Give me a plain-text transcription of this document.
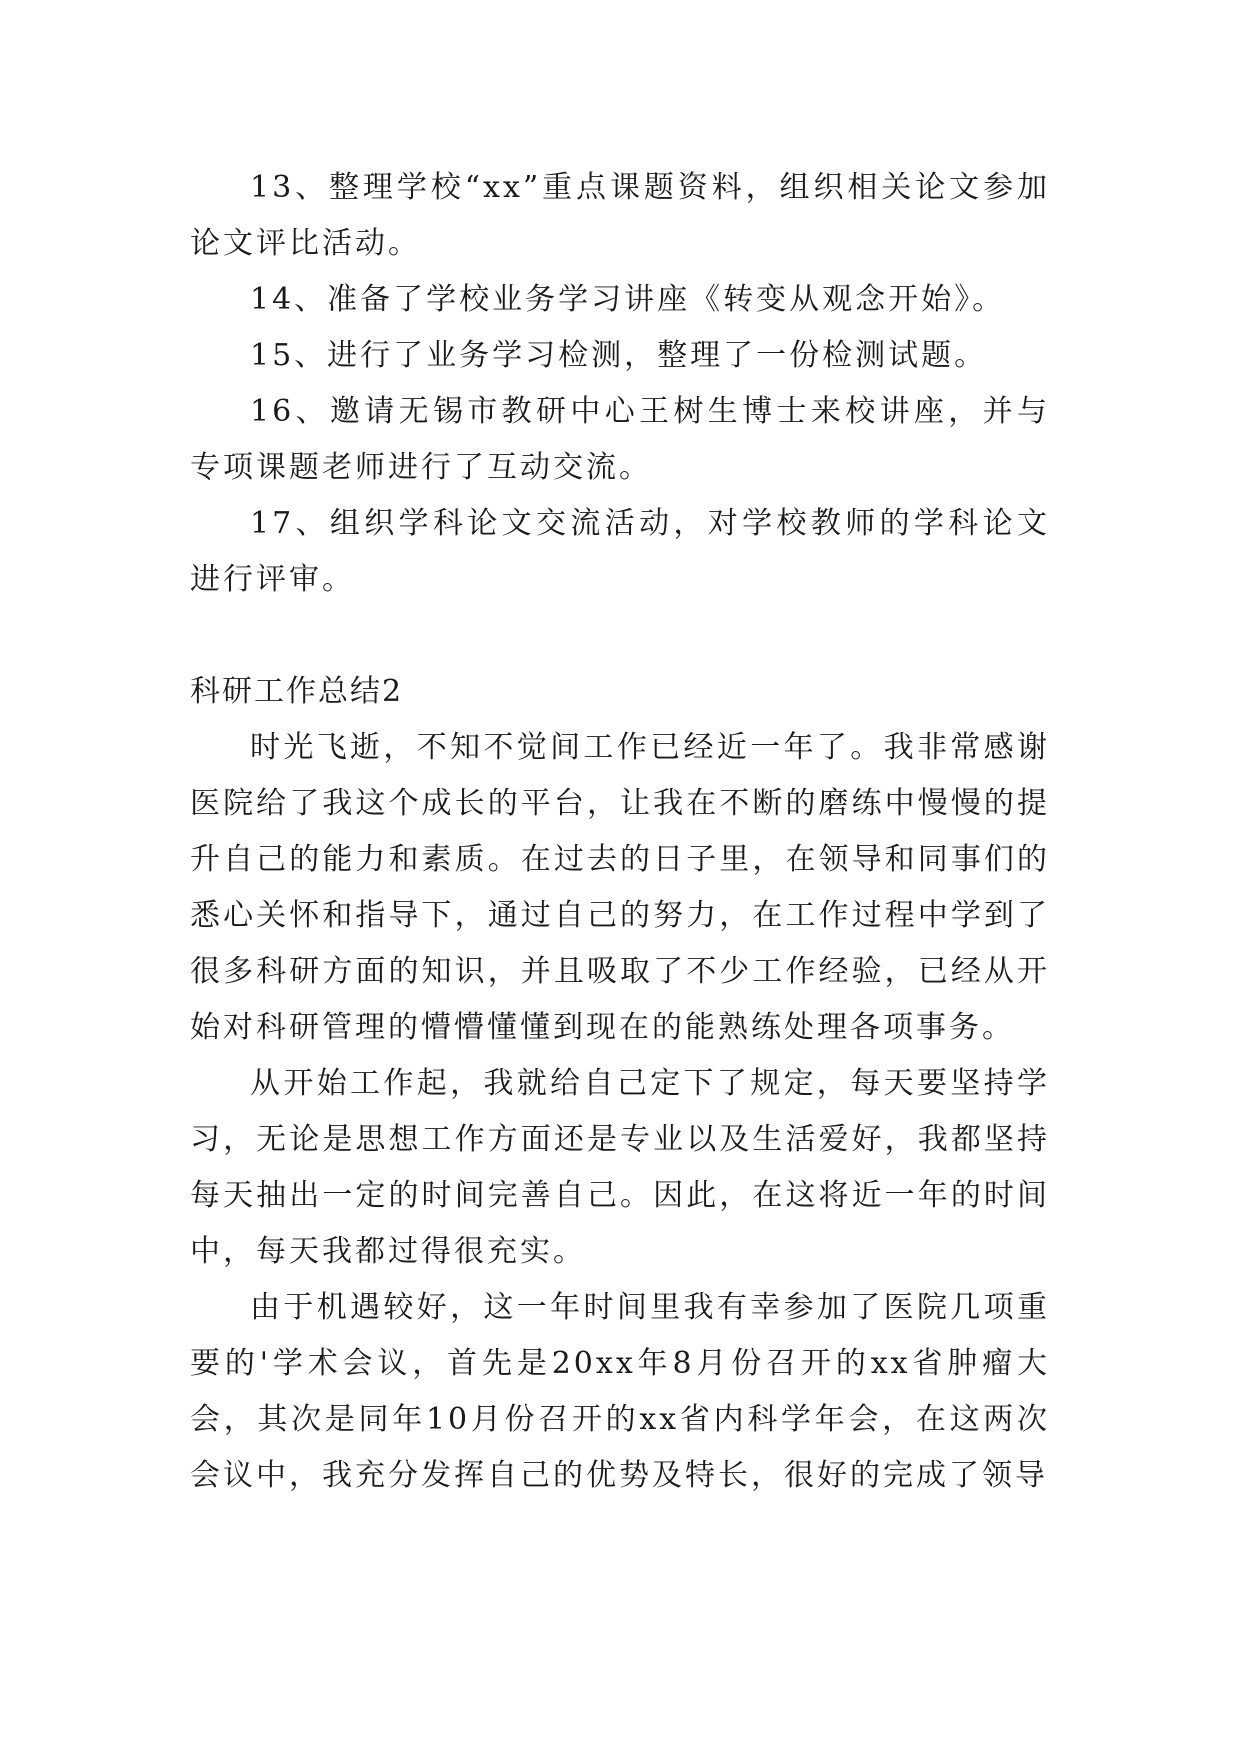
13、整理学校“xx”重点课题资料，组织相关论文参加论文评比活动。

14、准备了学校业务学习讲座《转变从观念开始》。

15、进行了业务学习检测，整理了一份检测试题。

16、邀请无锡市教研中心王树生博士来校讲座，并与专项课题老师进行了互动交流。

17、组织学科论文交流活动，对学校教师的学科论文进行评审。

科研工作总结2

时光飞逝，不知不觉间工作已经近一年了。我非常感谢医院给了我这个成长的平台，让我在不断的磨练中慢慢的提升自己的能力和素质。在过去的日子里，在领导和同事们的悉心关怀和指导下，通过自己的努力，在工作过程中学到了很多科研方面的知识，并且吸取了不少工作经验，已经从开始对科研管理的懵懵懂懂到现在的能熟练处理各项事务。

从开始工作起，我就给自己定下了规定，每天要坚持学习，无论是思想工作方面还是专业以及生活爱好，我都坚持每天抽出一定的时间完善自己。因此，在这将近一年的时间中，每天我都过得很充实。

由于机遇较好，这一年时间里我有幸参加了医院几项重要的'学术会议，首先是20xx年8月份召开的xx省肿瘤大会，其次是同年10月份召开的xx省内科学年会，在这两次会议中，我充分发挥自己的优势及特长，很好的完成了领导
